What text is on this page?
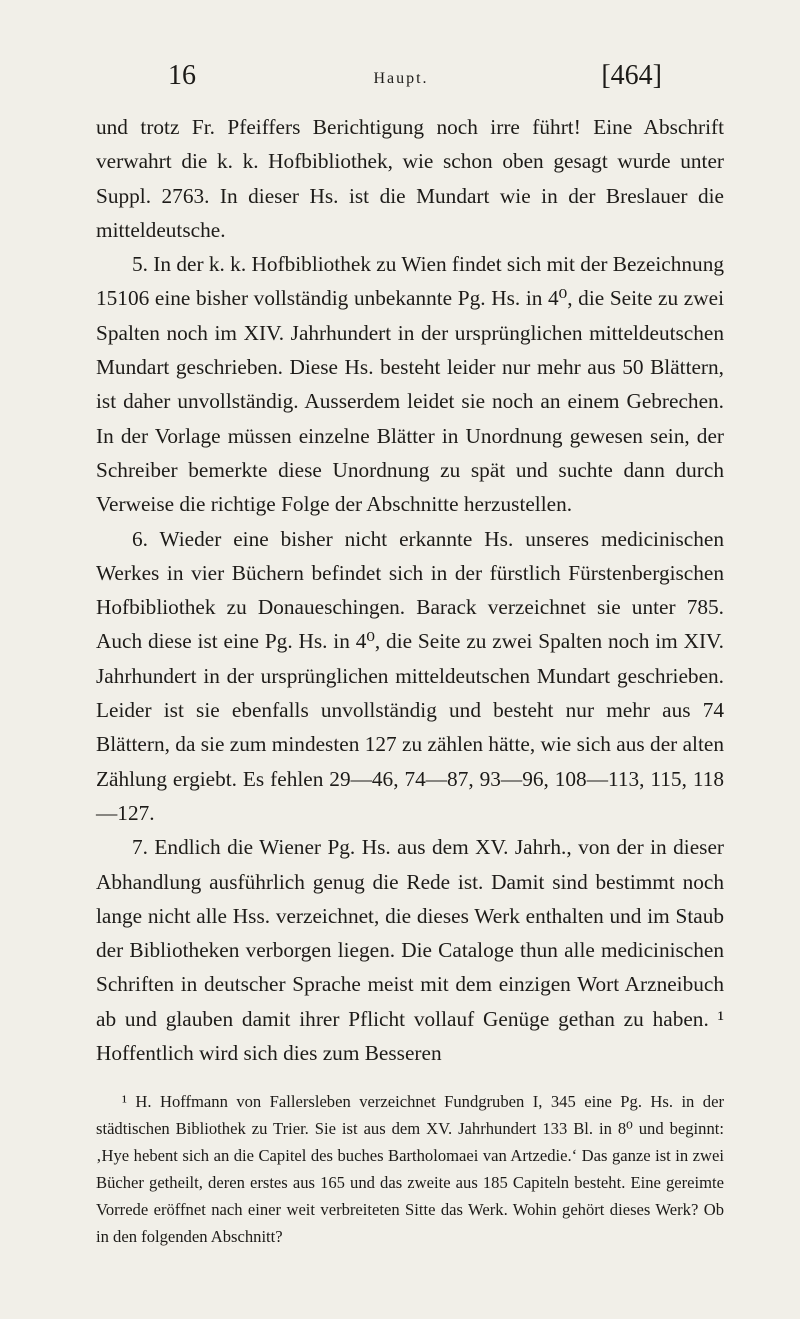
16	Haupt.	[464]

und trotz Fr. Pfeiffers Berichtigung noch irre führt! Eine Abschrift verwahrt die k. k. Hofbibliothek, wie schon oben gesagt wurde unter Suppl. 2763. In dieser Hs. ist die Mundart wie in der Breslauer die mitteldeutsche.

5. In der k. k. Hofbibliothek zu Wien findet sich mit der Bezeichnung 15106 eine bisher vollständig unbekannte Pg. Hs. in 4⁰, die Seite zu zwei Spalten noch im XIV. Jahrhundert in der ursprünglichen mitteldeutschen Mundart geschrieben. Diese Hs. besteht leider nur mehr aus 50 Blättern, ist daher unvollständig. Ausserdem leidet sie noch an einem Gebrechen. In der Vorlage müssen einzelne Blätter in Unordnung gewesen sein, der Schreiber bemerkte diese Unordnung zu spät und suchte dann durch Verweise die richtige Folge der Abschnitte herzustellen.

6. Wieder eine bisher nicht erkannte Hs. unseres medicinischen Werkes in vier Büchern befindet sich in der fürstlich Fürstenbergischen Hofbibliothek zu Donaueschingen. Barack verzeichnet sie unter 785. Auch diese ist eine Pg. Hs. in 4⁰, die Seite zu zwei Spalten noch im XIV. Jahrhundert in der ursprünglichen mitteldeutschen Mundart geschrieben. Leider ist sie ebenfalls unvollständig und besteht nur mehr aus 74 Blättern, da sie zum mindesten 127 zu zählen hätte, wie sich aus der alten Zählung ergiebt. Es fehlen 29—46, 74—87, 93—96, 108—113, 115, 118—127.

7. Endlich die Wiener Pg. Hs. aus dem XV. Jahrh., von der in dieser Abhandlung ausführlich genug die Rede ist. Damit sind bestimmt noch lange nicht alle Hss. verzeichnet, die dieses Werk enthalten und im Staub der Bibliotheken verborgen liegen. Die Cataloge thun alle medicinischen Schriften in deutscher Sprache meist mit dem einzigen Wort Arzneibuch ab und glauben damit ihrer Pflicht vollauf Genüge gethan zu haben. ¹ Hoffentlich wird sich dies zum Besseren

¹ H. Hoffmann von Fallersleben verzeichnet Fundgruben I, 345 eine Pg. Hs. in der städtischen Bibliothek zu Trier. Sie ist aus dem XV. Jahrhundert 133 Bl. in 8⁰ und beginnt: ‚Hye hebent sich an die Capitel des buches Bartholomaei van Artzedie.‘ Das ganze ist in zwei Bücher getheilt, deren erstes aus 165 und das zweite aus 185 Capiteln besteht. Eine gereimte Vorrede eröffnet nach einer weit verbreiteten Sitte das Werk. Wohin gehört dieses Werk? Ob in den folgenden Abschnitt?
